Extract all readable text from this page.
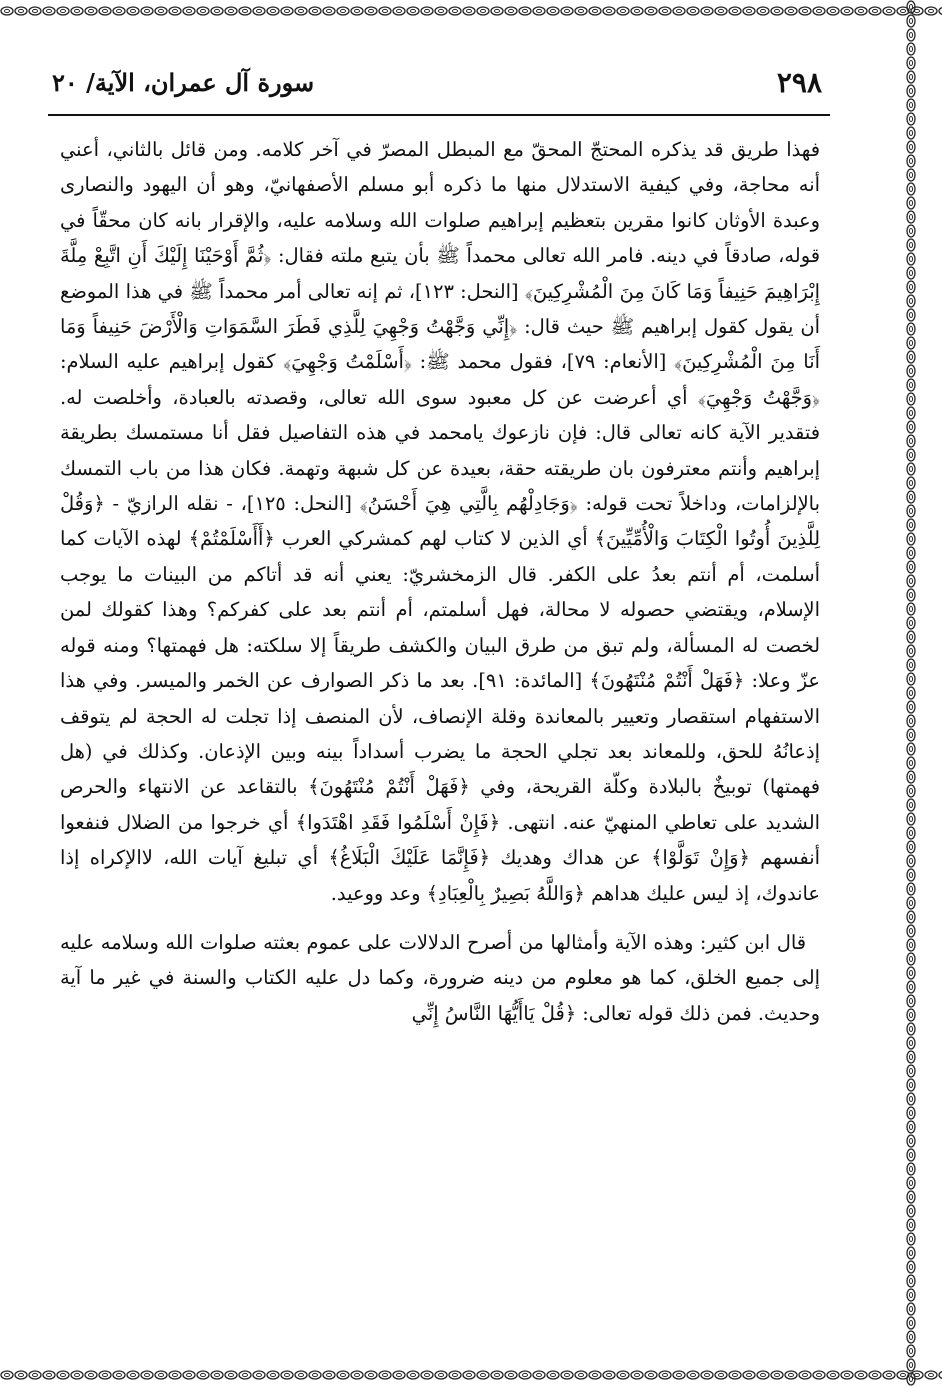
٢٩٨
سورة آل عمران، الآية/ ٢٠

فهذا طريق قد يذكره المحتجّ المحقّ مع المبطل المصرّ في آخر كلامه. ومن قائل بالثاني، أعني أنه محاجة، وفي كيفية الاستدلال منها ما ذكره أبو مسلم الأصفهانيّ، وهو أن اليهود والنصارى وعبدة الأوثان كانوا مقرين بتعظيم إبراهيم صلوات الله وسلامه عليه، والإقرار بانه كان محقّاً في قوله، صادقاً في دينه. فامر الله تعالى محمداً ﷺ بأن يتبع ملته فقال: ﴿ثُمَّ أَوْحَيْنَا إِلَيْكَ أَنِ اتَّبِعْ مِلَّةَ إِبْرَاهِيمَ حَنِيفاً وَمَا كَانَ مِنَ الْمُشْرِكِينَ﴾ [النحل: ١٢٣]، ثم إنه تعالى أمر محمداً ﷺ في هذا الموضع أن يقول كقول إبراهيم ﷺ حيث قال: ﴿إِنِّي وَجَّهْتُ وَجْهِيَ لِلَّذِي فَطَرَ السَّمَوَاتِ وَالْأَرْضَ حَنِيفاً وَمَا أَنَا مِنَ الْمُشْرِكِينَ﴾ [الأنعام: ٧٩]، فقول محمد ﷺ: ﴿أَسْلَمْتُ وَجْهِيَ﴾ كقول إبراهيم عليه السلام: ﴿وَجَّهْتُ وَجْهِيَ﴾ أي أعرضت عن كل معبود سوى الله تعالى، وقصدته بالعبادة، وأخلصت له. فتقدير الآية كانه تعالى قال: فإن نازعوك يامحمد في هذه التفاصيل فقل أنا مستمسك بطريقة إبراهيم وأنتم معترفون بان طريقته حقة، بعيدة عن كل شبهة وتهمة. فكان هذا من باب التمسك بالإلزامات، وداخلاً تحت قوله: ﴿وَجَادِلْهُم بِالَّتِي هِيَ أَحْسَنُ﴾ [النحل: ١٢٥]، - نقله الرازيّ - ﴿وَقُلْ لِلَّذِينَ أُوتُوا الْكِتَابَ وَالْأُمِّيِّينَ﴾ أي الذين لا كتاب لهم كمشركي العرب ﴿أَأَسْلَمْتُمْ﴾ لهذه الآيات كما أسلمت، أم أنتم بعدُ على الكفر. قال الزمخشريّ: يعني أنه قد أتاكم من البينات ما يوجب الإسلام، ويقتضي حصوله لا محالة، فهل أسلمتم، أم أنتم بعد على كفركم؟ وهذا كقولك لمن لخصت له المسألة، ولم تبق من طرق البيان والكشف طريقاً إلا سلكته: هل فهمتها؟ ومنه قوله عزّ وعلا: ﴿فَهَلْ أَنْتُمْ مُنْتَهُونَ﴾ [المائدة: ٩١]. بعد ما ذكر الصوارف عن الخمر والميسر. وفي هذا الاستفهام استقصار وتعيير بالمعاندة وقلة الإنصاف، لأن المنصف إذا تجلت له الحجة لم يتوقف إذعانُهُ للحق، وللمعاند بعد تجلي الحجة ما يضرب أسداداً بينه وبين الإذعان. وكذلك في (هل فهمتها) توبيخٌ بالبلادة وكلّة القريحة، وفي ﴿فَهَلْ أَنْتُمْ مُنْتَهُونَ﴾ بالتقاعد عن الانتهاء والحرص الشديد على تعاطي المنهيّ عنه. انتهى. ﴿فَإِنْ أَسْلَمُوا فَقَدِ اهْتَدَوا﴾ أي خرجوا من الضلال فنفعوا أنفسهم ﴿وَإِنْ تَوَلَّوْا﴾ عن هداك وهديك ﴿فَإِنَّمَا عَلَيْكَ الْبَلَاغُ﴾ أي تبليغ آيات الله، لاالإكراه إذا عاندوك، إذ ليس عليك هداهم ﴿وَاللَّهُ بَصِيرٌ بِالْعِبَادِ﴾ وعد ووعيد.

قال ابن كثير: وهذه الآية وأمثالها من أصرح الدلالات على عموم بعثته صلوات الله وسلامه عليه إلى جميع الخلق، كما هو معلوم من دينه ضرورة، وكما دل عليه الكتاب والسنة في غير ما آية وحديث. فمن ذلك قوله تعالى: ﴿قُلْ يَاأَيُّهَا النَّاسُ إِنِّي
